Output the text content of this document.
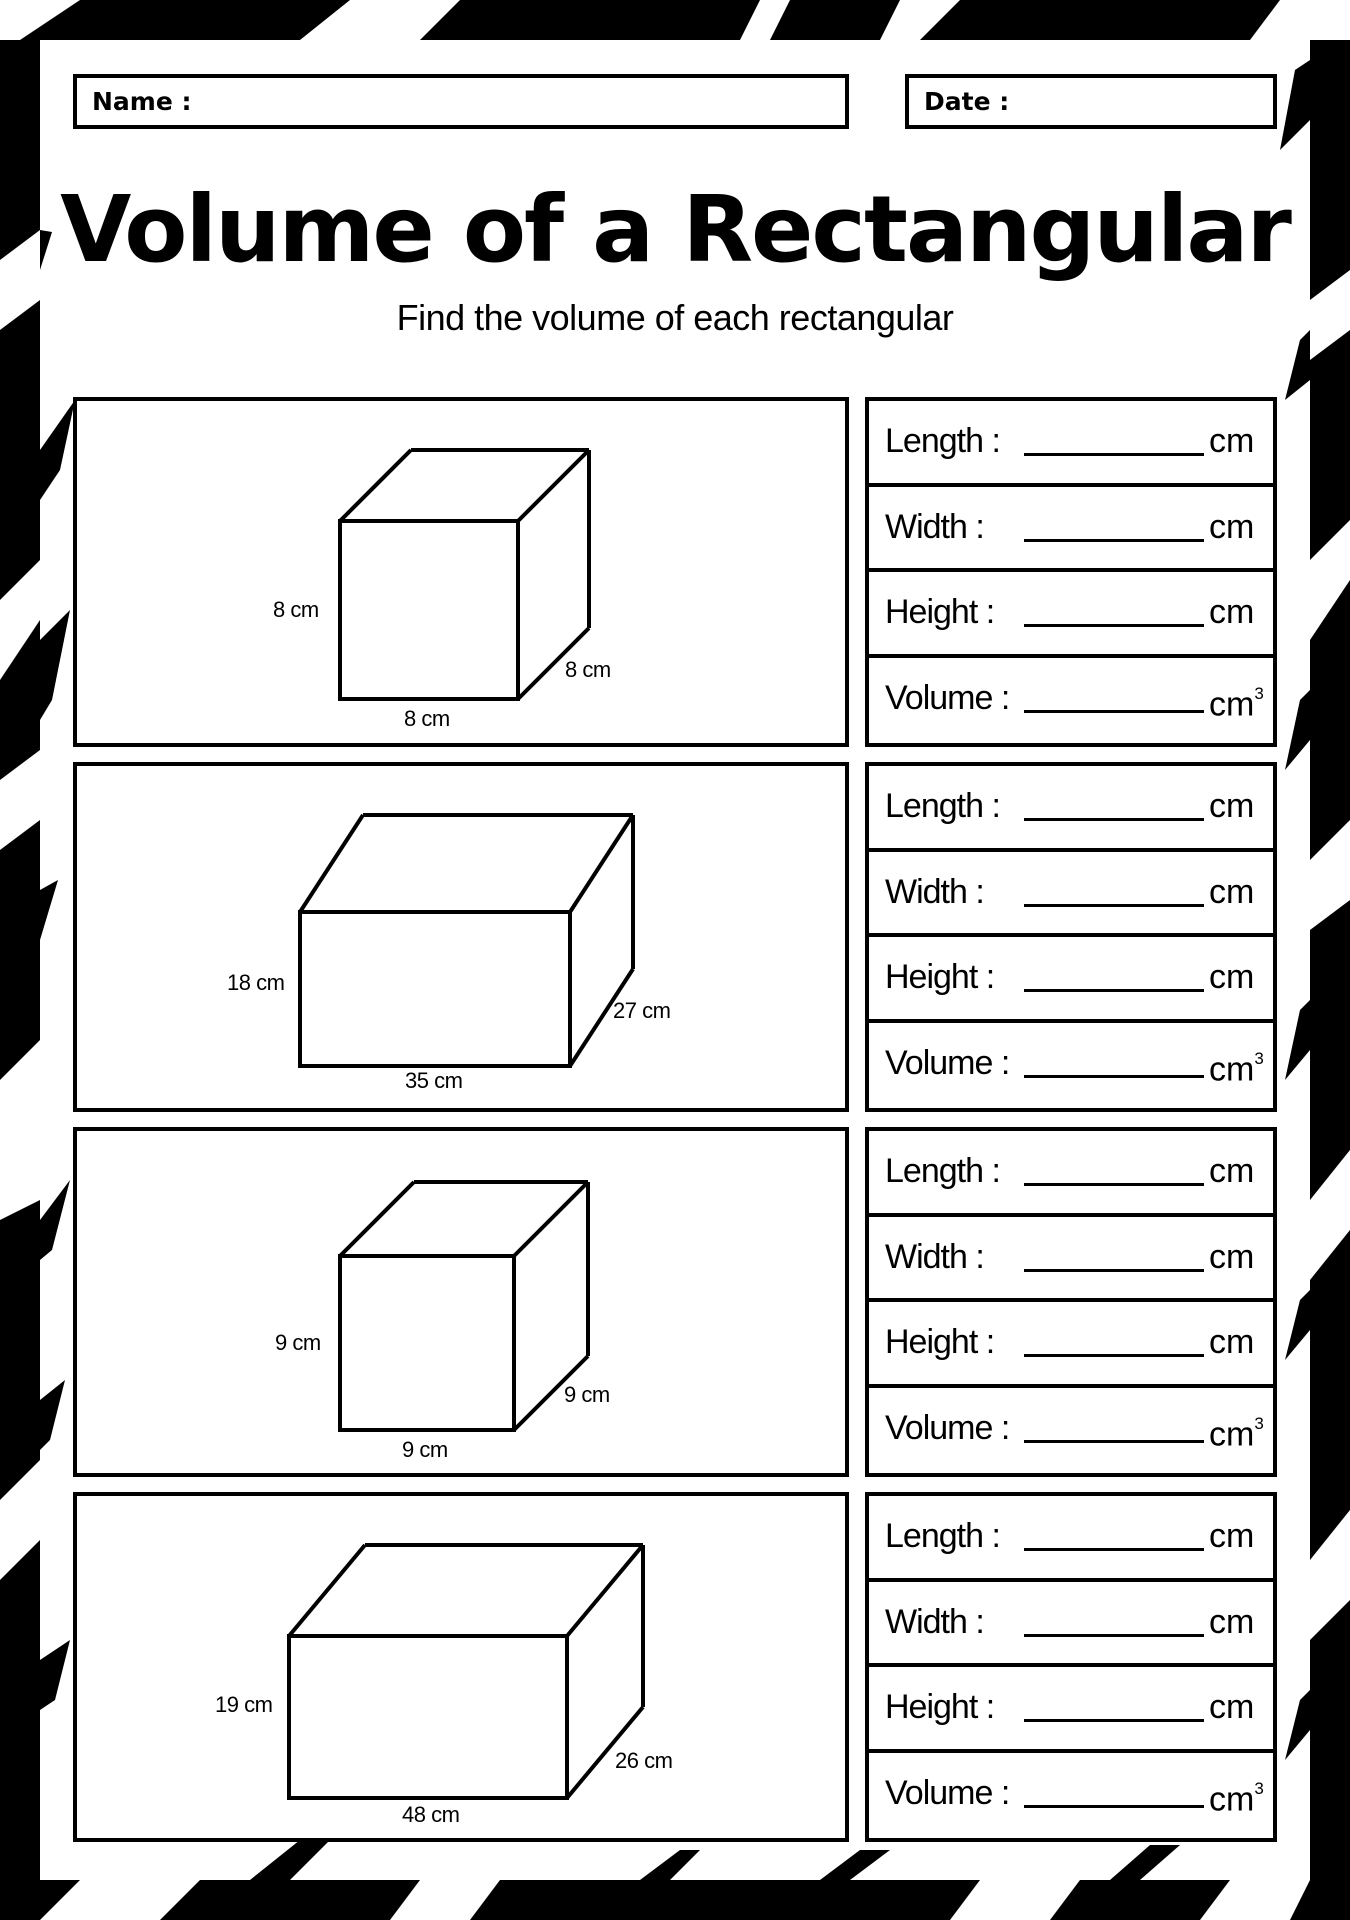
Name :	Date :
Volume of a Rectangular
Find the volume of each rectangular
8 cm
8 cm
8 cm
Length :	cm
Width :	cm
Height :	cm
Volume :	$cm^3$
18 cm
35 cm
27 cm
Length :	cm
Width :	cm
Height :	cm
Volume :	$cm^3$
9 cm
9 cm
9 cm
Length :	cm
Width :	cm
Height :	cm
Volume :	$cm^3$
19 cm
48 cm
26 cm
Length :	cm
Width :	cm
Height :	cm
Volume :	$cm^3$
